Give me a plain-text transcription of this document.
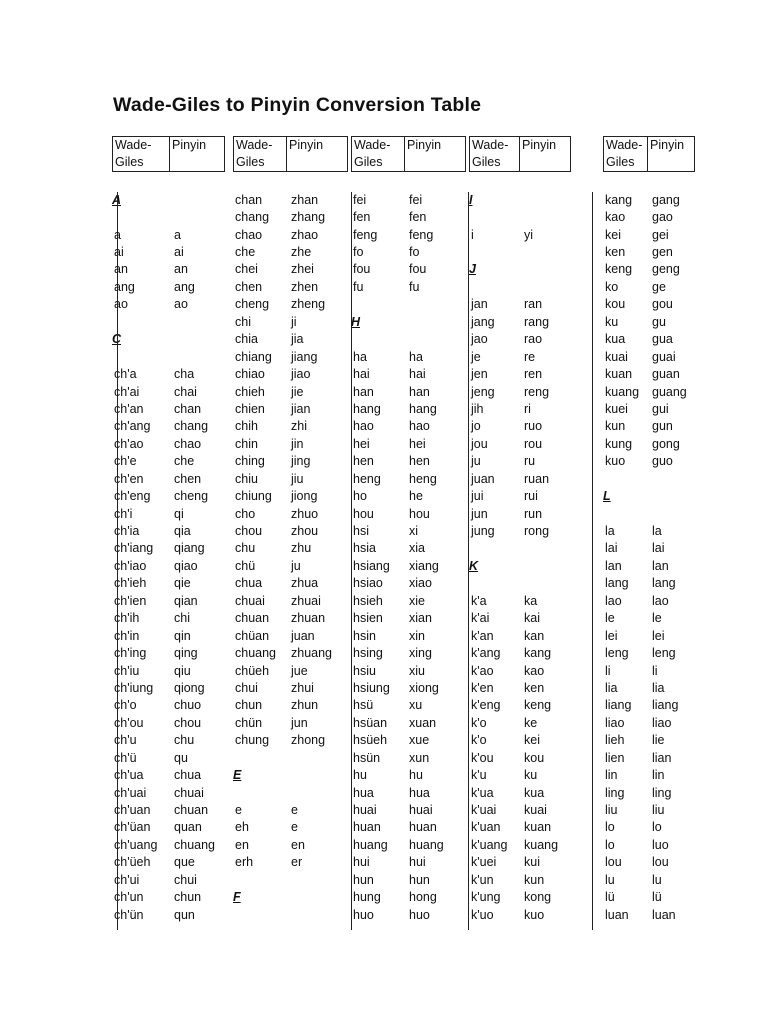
Wade-Giles to Pinyin Conversion Table
Wade-
Giles
Pinyin
A
a	a
ai	ai
an	an
ang	ang
ao	ao
C
ch'a	cha
ch'ai	chai
ch'an	chan
ch'ang	chang
ch'ao	chao
ch'e	che
ch'en	chen
ch'eng	cheng
ch'i	qi
ch'ia	qia
ch'iang	qiang
ch'iao	qiao
ch'ieh	qie
ch'ien	qian
ch'ih	chi
ch'in	qin
ch'ing	qing
ch'iu	qiu
ch'iung	qiong
ch'o	chuo
ch'ou	chou
ch'u	chu
ch'ü	qu
ch'ua	chua
ch'uai	chuai
ch'uan	chuan
ch'üan	quan
ch'uang	chuang
ch'üeh	que
ch'ui	chui
ch'un	chun
ch'ün	qun
Wade-
Giles
Pinyin
chan	zhan
chang	zhang
chao	zhao
che	zhe
chei	zhei
chen	zhen
cheng	zheng
chi	ji
chia	jia
chiang	jiang
chiao	jiao
chieh	jie
chien	jian
chih	zhi
chin	jin
ching	jing
chiu	jiu
chiung	jiong
cho	zhuo
chou	zhou
chu	zhu
chü	ju
chua	zhua
chuai	zhuai
chuan	zhuan
chüan	juan
chuang	zhuang
chüeh	jue
chui	zhui
chun	zhun
chün	jun
chung	zhong
E
e	e
eh	e
en	en
erh	er
F
Wade-
Giles
Pinyin
fei	fei
fen	fen
feng	feng
fo	fo
fou	fou
fu	fu
H
ha	ha
hai	hai
han	han
hang	hang
hao	hao
hei	hei
hen	hen
heng	heng
ho	he
hou	hou
hsi	xi
hsia	xia
hsiang	xiang
hsiao	xiao
hsieh	xie
hsien	xian
hsin	xin
hsing	xing
hsiu	xiu
hsiung	xiong
hsü	xu
hsüan	xuan
hsüeh	xue
hsün	xun
hu	hu
hua	hua
huai	huai
huan	huan
huang	huang
hui	hui
hun	hun
hung	hong
huo	huo
Wade-
Giles
Pinyin
I
i	yi
J
jan	ran
jang	rang
jao	rao
je	re
jen	ren
jeng	reng
jih	ri
jo	ruo
jou	rou
ju	ru
juan	ruan
jui	rui
jun	run
jung	rong
K
k'a	ka
k'ai	kai
k'an	kan
k'ang	kang
k'ao	kao
k'en	ken
k'eng	keng
k'o	ke
k'o	kei
k'ou	kou
k'u	ku
k'ua	kua
k'uai	kuai
k'uan	kuan
k'uang	kuang
k'uei	kui
k'un	kun
k'ung	kong
k'uo	kuo
Wade-
Giles
Pinyin
kang	gang
kao	gao
kei	gei
ken	gen
keng	geng
ko	ge
kou	gou
ku	gu
kua	gua
kuai	guai
kuan	guan
kuang	guang
kuei	gui
kun	gun
kung	gong
kuo	guo
L
la	la
lai	lai
lan	lan
lang	lang
lao	lao
le	le
lei	lei
leng	leng
li	li
lia	lia
liang	liang
liao	liao
lieh	lie
lien	lian
lin	lin
ling	ling
liu	liu
lo	lo
lo	luo
lou	lou
lu	lu
lü	lü
luan	luan
